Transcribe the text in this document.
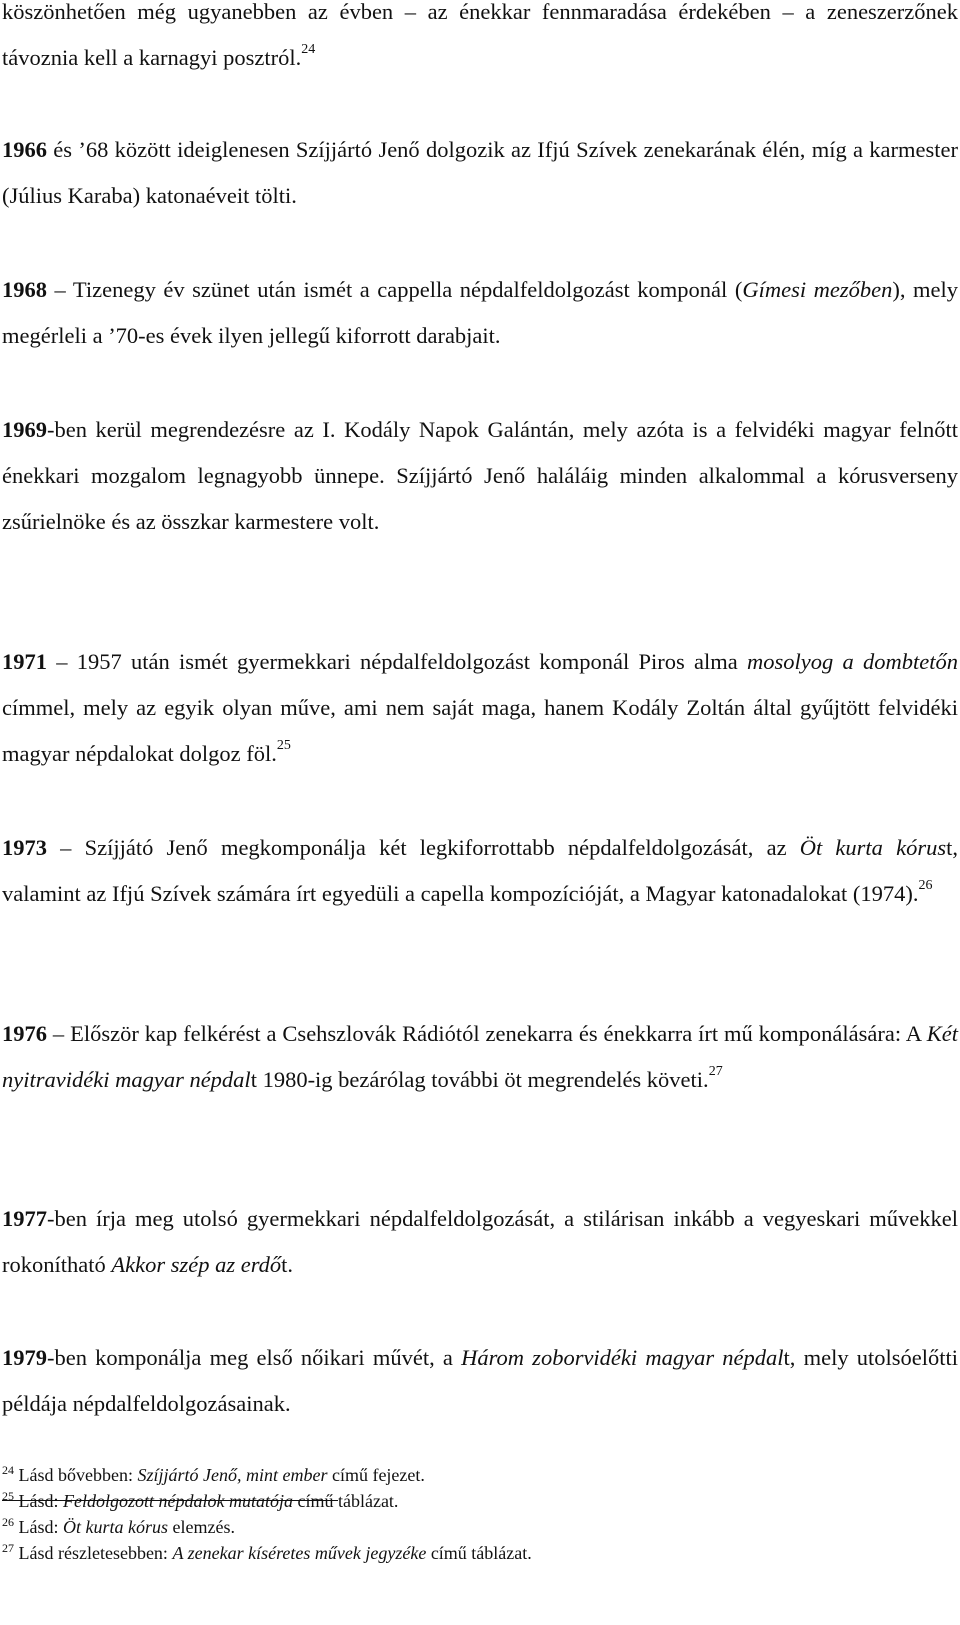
köszönhetően még ugyanebben az évben – az énekkar fennmaradása érdekében – a zeneszerzőnek távoznia kell a karnagyi posztról.$^{24}$

1966 és ’68 között ideiglenesen Szíjjártó Jenő dolgozik az Ifjú Szívek zenekarának élén, míg a karmester (Július Karaba) katonaéveit tölti.

1968 – Tizenegy év szünet után ismét a cappella népdalfeldolgozást komponál (Gímesi mezőben), mely megérleli a ’70-es évek ilyen jellegű kiforrott darabjait.

1969-ben kerül megrendezésre az I. Kodály Napok Galántán, mely azóta is a felvidéki magyar felnőtt énekkari mozgalom legnagyobb ünnepe. Szíjjártó Jenő haláláig minden alkalommal a kórusverseny zsűrielnöke és az összkar karmestere volt.

1971 – 1957 után ismét gyermekkari népdalfeldolgozást komponál Piros alma mosolyog a dombtetőn címmel, mely az egyik olyan műve, ami nem saját maga, hanem Kodály Zoltán által gyűjtött felvidéki magyar népdalokat dolgoz föl.$^{25}$

1973 – Szíjjátó Jenő megkomponálja két legkiforrottabb népdalfeldolgozását, az Öt kurta kórust, valamint az Ifjú Szívek számára írt egyedüli a capella kompozícióját, a Magyar katonadalokat (1974).$^{26}$

1976 – Először kap felkérést a Csehszlovák Rádiótól zenekarra és énekkarra írt mű komponálására: A Két nyitravidéki magyar népdalt 1980-ig bezárólag további öt megrendelés követi.$^{27}$

1977-ben írja meg utolsó gyermekkari népdalfeldolgozását, a stilárisan inkább a vegyeskari művekkel rokonítható Akkor szép az erdőt.

1979-ben komponálja meg első nőikari művét, a Három zoborvidéki magyar népdalt, mely utolsóelőtti példája népdalfeldolgozásainak.

$^{24}$ Lásd bővebben: Szíjjártó Jenő, mint ember című fejezet.

$^{25}$ Lásd: Feldolgozott népdalok mutatója című táblázat.

$^{26}$ Lásd: Öt kurta kórus elemzés.

$^{27}$ Lásd részletesebben: A zenekar kíséretes művek jegyzéke című táblázat.
